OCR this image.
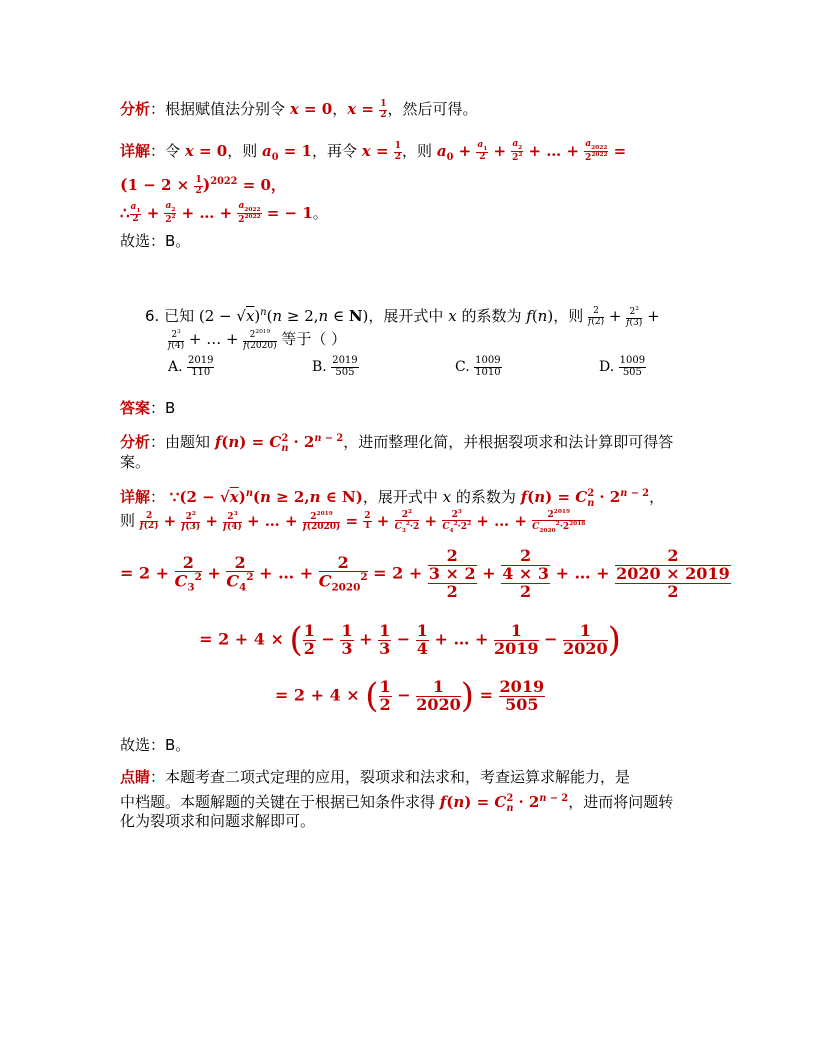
分析：根据赋值法分别令 x = 0，$x = \frac{1}{2}$ ，然后可得。
详解：令 x = 0，则 $a_0 = 1$，再令 $x = \frac{1}{2}$ ，则 $a_0 + \frac{a_1}{2} + \frac{a_2}{2^2}$ + … + $\frac{a_{2022}}{2^{2022}}$ =
$(1 - 2 \times \frac{1}{2} )^{2022} = 0$，
∴ $\frac{a_1}{2} + \frac{a_2}{2^2}$ + … + $\frac{a_{2022}}{2^{2022}}$ = − 1。
故选：B。
6. 已知 $(2 - √x)^n(n \ge 2,n$ ∈ N)，展开式中 x 的系数为 f(n)，则 $\frac{2}{f(2)} + \frac{2^2}{f(3)}$ +
$\frac{2^3}{f(4)}$ + … + $\frac{2^{2019}}{f(2020)}$ 等于（ ）
A. $\frac{2019}{110}$	B. $\frac{2019}{505}$	C. $\frac{1009}{1010}$	D. $\frac{1009}{505}$
答案：B
分析：由题知 $f(n) = C_n^2 \cdot 2^{n - 2}$，进而整理化简，并根据裂项求和法计算即可得答
案。
详解： ∵(2 − √x)$^n$(n ≥ 2,n ∈ N)，展开式中 x 的系数为 $f(n) = C_n^2 \cdot 2^{n - 2}$，
则 $\frac{2}{f(2)} + \frac{2^2}{f(3)} + \frac{2^3}{f(4)}$ + … + $\frac{2^{2019}}{f(2020)} = \frac{2}{1} + \frac{2^2}{C_3^2\cdot 2} + \frac{2^3}{C_4^2\cdot 2^2}$ + … + $\frac{2^{2019}}{C_{2020}^2\cdot 2^{2018}}$
= $2 + \frac{2}{C_3^2} + \frac{2}{C_4^2}$ + … + $\frac{2}{C_{2020}^2} = 2 + \frac{2}{\frac{3 \times 2}{2}} + \frac{2}{\frac{4 \times 3}{2}}$ + … + $\frac{2}{\frac{2020 \times 2019}{2}}$
= 2 + 4 × ( $\frac{1}{2} - \frac{1}{3} + \frac{1}{3} - \frac{1}{4}$ + … + $\frac{1}{2019} - \frac{1}{2020}$ )
= 2 + 4 × ( $\frac{1}{2} - \frac{1}{2020}$ ) = $\frac{2019}{505}$
故选：B。
点睛：本题考查二项式定理的应用，裂项求和法求和，考查运算求解能力，是
中档题。本题解题的关键在于根据已知条件求得 $f(n) = C_n^2 \cdot 2^{n - 2}$，进而将问题转
化为裂项求和问题求解即可。
